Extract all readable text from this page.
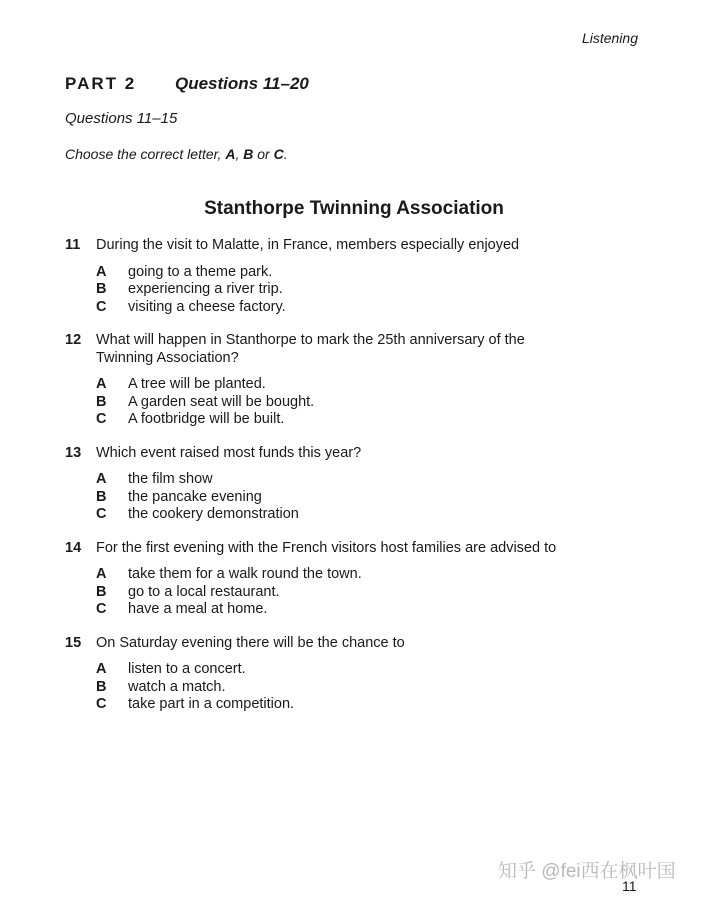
Listening
PART 2 Questions 11–20
Questions 11–15
Choose the correct letter, A, B or C.
Stanthorpe Twinning Association
11	During the visit to Malatte, in France, members especially enjoyed
A	going to a theme park.
B	experiencing a river trip.
C	visiting a cheese factory.
12	What will happen in Stanthorpe to mark the 25th anniversary of the Twinning Association?
A	A tree will be planted.
B	A garden seat will be bought.
C	A footbridge will be built.
13	Which event raised most funds this year?
A	the film show
B	the pancake evening
C	the cookery demonstration
14	For the first evening with the French visitors host families are advised to
A	take them for a walk round the town.
B	go to a local restaurant.
C	have a meal at home.
15	On Saturday evening there will be the chance to
A	listen to a concert.
B	watch a match.
C	take part in a competition.
知乎 @fei西在枫叶国
11
